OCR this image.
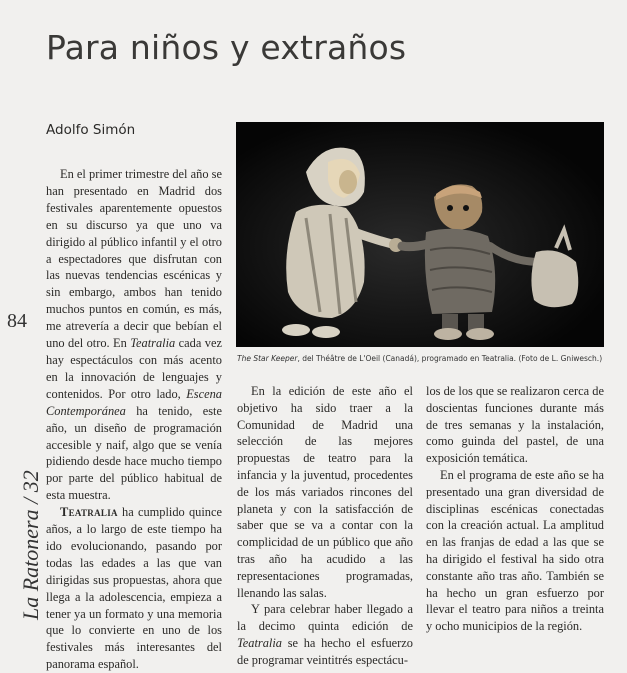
Para niños y extraños
Adolfo Simón

En el primer trimestre del año se han presentado en Madrid dos festivales aparentemente opuestos en su discurso ya que uno va dirigido al público infantil y el otro a espectadores que disfrutan con las nuevas tendencias escénicas y sin embargo, ambos han tenido muchos puntos en común, es más, me atrevería a decir que bebían el uno del otro. En Teatralia cada vez hay espectáculos con más acento en la innovación de lenguajes y contenidos. Por otro lado, Escena Contemporánea ha tenido, este año, un diseño de programación accesible y naif, algo que se venía pidiendo desde hace mucho tiempo por parte del público habitual de esta muestra.

Teatralia ha cumplido quince años, a lo largo de este tiempo ha ido evolucionando, pasando por todas las edades a las que van dirigidas sus propuestas, ahora que llega a la adolescencia, empieza a tener ya un formato y una memoria que lo convierte en uno de los festivales más interesantes del panorama español.

The Star Keeper, del Théâtre de L'Oeil (Canadá), programado en Teatralia. (Foto de L. Gniwesch.)

En la edición de este año el objetivo ha sido traer a la Comunidad de Madrid una selección de las mejores propuestas de teatro para la infancia y la juventud, procedentes de los más variados rincones del planeta y con la satisfacción de saber que se va a contar con la complicidad de un público que año tras año ha acudido a las representaciones programadas, llenando las salas.

Y para celebrar haber llegado a la decimo quinta edición de Teatralia se ha hecho el esfuerzo de programar veintitrés espectácu-

los de los que se realizaron cerca de doscientas funciones durante más de tres semanas y la instalación, como guinda del pastel, de una exposición temática.

En el programa de este año se ha presentado una gran diversidad de disciplinas escénicas conectadas con la creación actual. La amplitud en las franjas de edad a las que se ha dirigido el festival ha sido otra constante año tras año. También se ha hecho un gran esfuerzo por llevar el teatro para niños a treinta y ocho municipios de la región.

84
La Ratonera / 32
